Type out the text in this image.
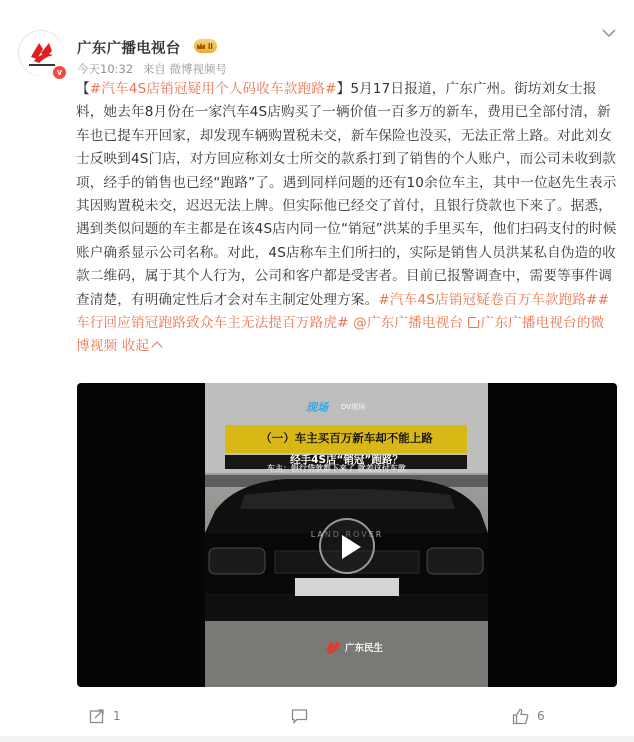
v
广东广播电视台	II
今天10:32 来自 微博视频号
【#汽车4S店销冠疑用个人码收车款跑路#】5月17日报道，广东广州。街坊刘女士报料，她去年8月份在一家汽车4S店购买了一辆价值一百多万的新车，费用已全部付清，新车也已提车开回家，却发现车辆购置税未交，新车保险也没买，无法正常上路。对此刘女士反映到4S门店，对方回应称刘女士所交的款系打到了销售的个人账户，而公司未收到款项，经手的销售也已经“跑路”了。遇到同样问题的还有10余位车主，其中一位赵先生表示其因购置税未交，迟迟无法上牌。但实际他已经交了首付，且银行贷款也下来了。据悉，遇到类似问题的车主都是在该4S店内同一位“销冠”洪某的手里买车，他们扫码支付的时候账户确系显示公司名称。对此，4S店称车主们所扫的，实际是销售人员洪某私自伪造的收款二维码，属于其个人行为，公司和客户都是受害者。目前已报警调查中，需要等事件调查清楚，有明确定性后才会对车主制定处理方案。#汽车4S店销冠疑卷百万车款跑路##车行回应销冠跑路致众车主无法提百万路虎# @广东广播电视台 广东广播电视台的微博视频 收起
现场 DV现场
（一）车主买百万新车却不能上路
经手4S店“销冠”跑路？
广东民生
车主：银行贷款都下来了 就差这付车款
1	6
